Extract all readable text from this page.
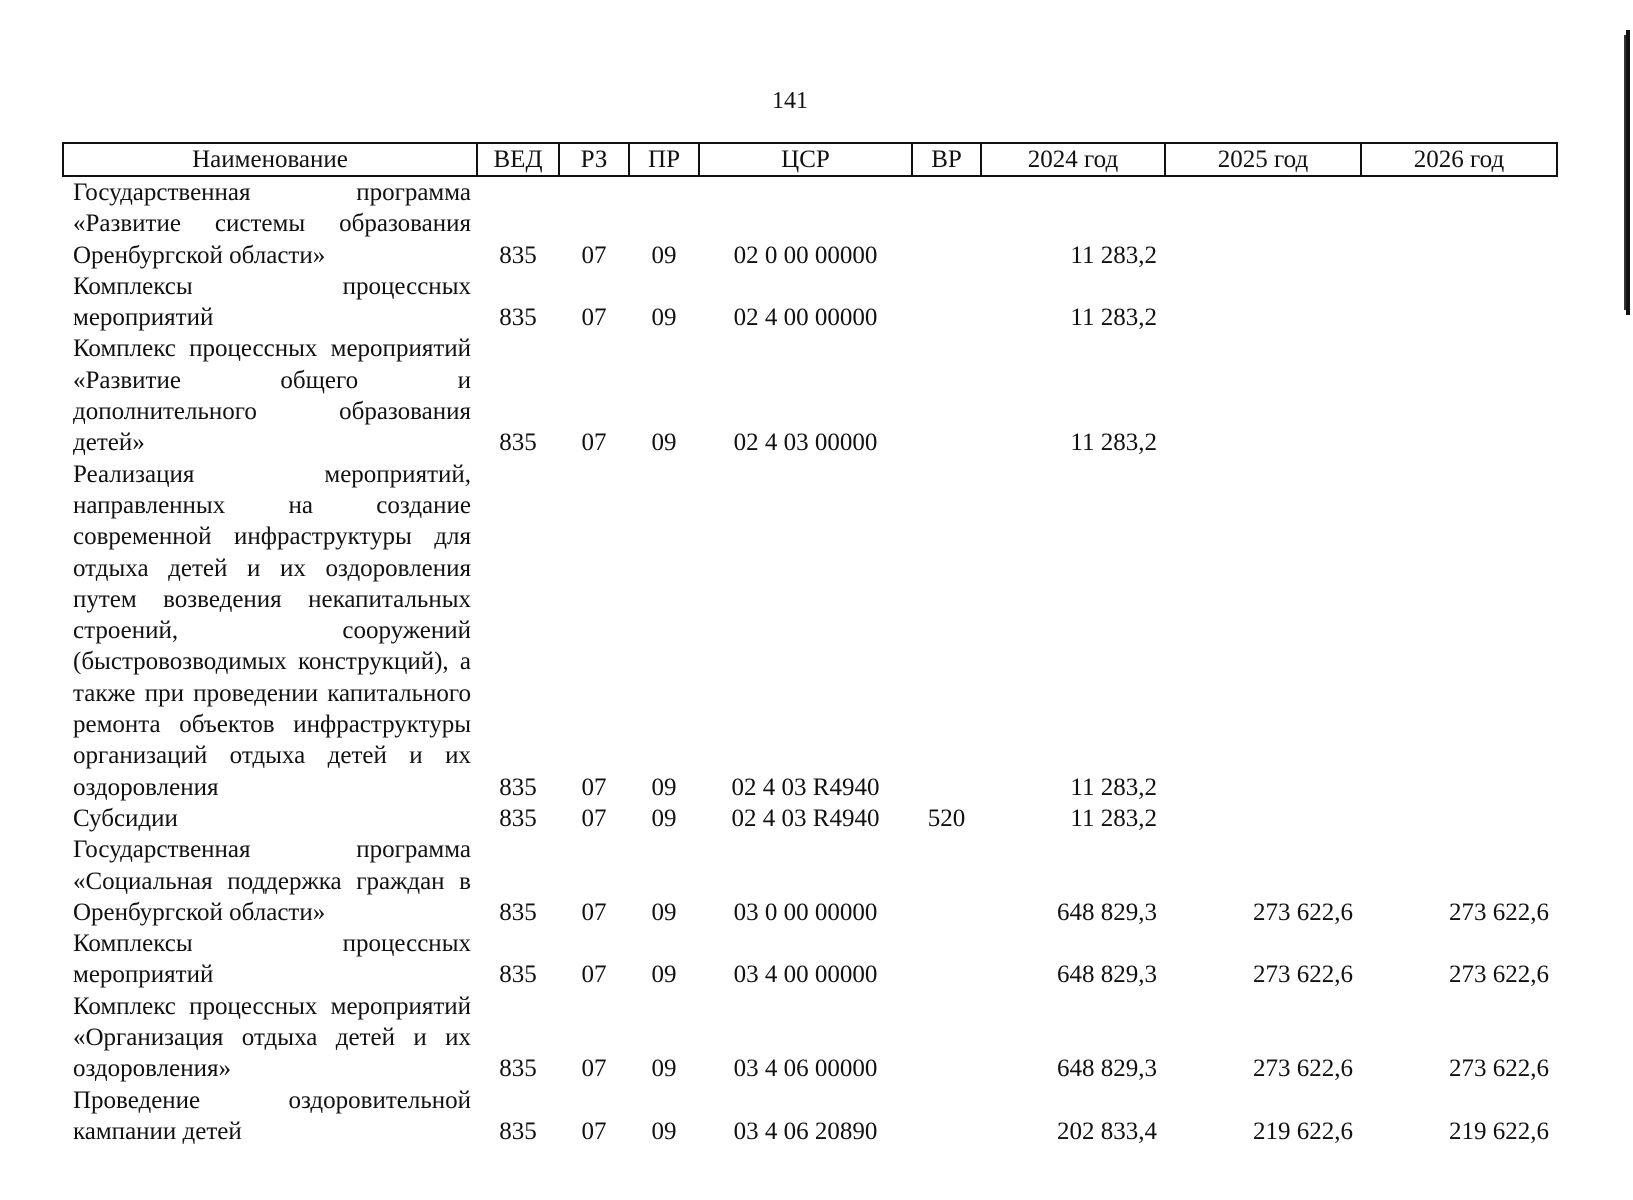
141
Наименование	ВЕД	РЗ	ПР	ЦСР	ВР	2024 год	2025 год	2026 год
Государственная программа «Развитие системы образования Оренбургской области»	835	07	09	02 0 00 00000		11 283,2		
Комплексы процессных мероприятий	835	07	09	02 4 00 00000		11 283,2		
Комплекс процессных мероприятий «Развитие общего и дополнительного образования детей»	835	07	09	02 4 03 00000		11 283,2		
Реализация мероприятий, направленных на создание современной инфраструктуры для отдыха детей и их оздоровления путем возведения некапитальных строений, сооружений (быстровозводимых конструкций), а также при проведении капитального ремонта объектов инфраструктуры организаций отдыха детей и их оздоровления	835	07	09	02 4 03 R4940		11 283,2		
Субсидии	835	07	09	02 4 03 R4940	520	11 283,2		
Государственная программа «Социальная поддержка граждан в Оренбургской области»	835	07	09	03 0 00 00000		648 829,3	273 622,6	273 622,6
Комплексы процессных мероприятий	835	07	09	03 4 00 00000		648 829,3	273 622,6	273 622,6
Комплекс процессных мероприятий «Организация отдыха детей и их оздоровления»	835	07	09	03 4 06 00000		648 829,3	273 622,6	273 622,6
Проведение оздоровительной кампании детей	835	07	09	03 4 06 20890		202 833,4	219 622,6	219 622,6
